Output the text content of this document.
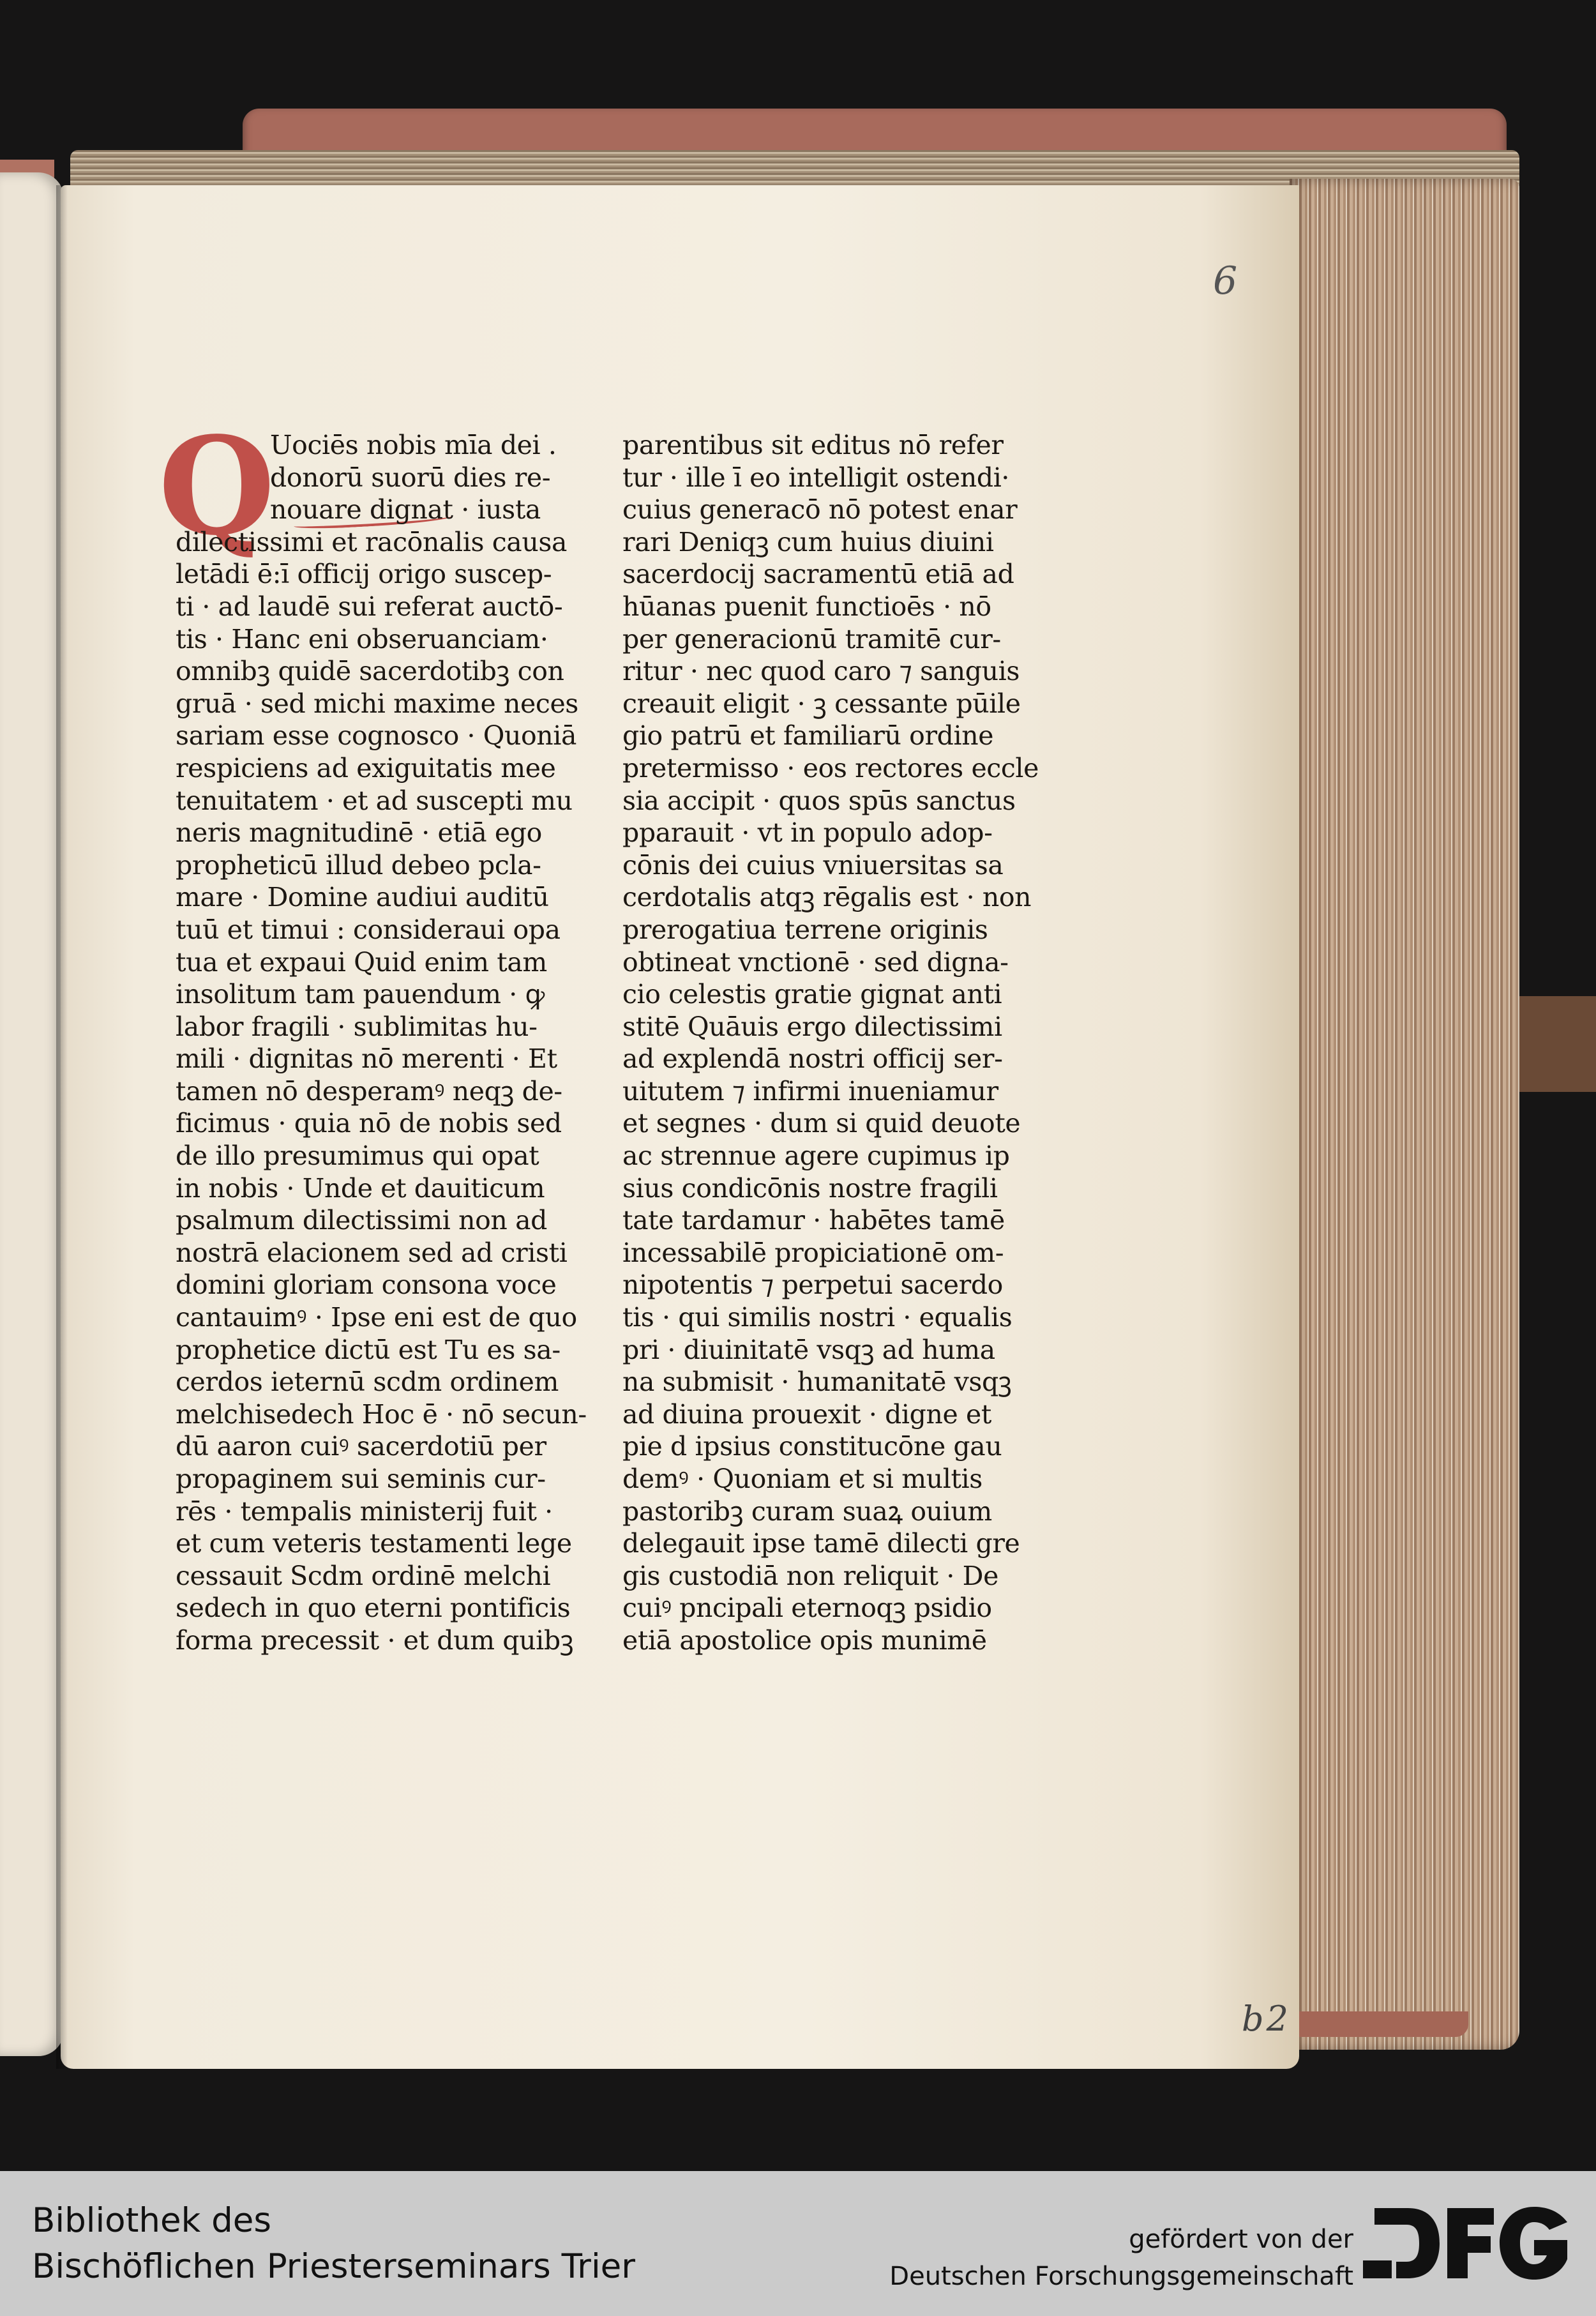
6
b2
Q
Uociēs nobis mīa dei .
donorū suorū dies re-
nouare dignat · iusta
dilectissimi et racōnalis causa
letādi ē:ī officij origo suscep-
ti · ad laudē sui referat auctō-
tis · Hanc eni obseruanciam·
omnibꝫ quidē sacerdotibꝫ con
gruā · sed michi maxime neces
sariam esse cognosco · Quoniā
respiciens ad exiguitatis mee
tenuitatem · et ad suscepti mu
neris magnitudinē · etiā ego
propheticū illud debeo pcla-
mare · Domine audiui auditū
tuū et timui : consideraui opa
tua et expaui Quid enim tam
insolitum tam pauendum · ꝙ
labor fragili · sublimitas hu-
mili · dignitas nō merenti · Et
tamen nō desperamꝰ neqꝫ de-
ficimus · quia nō de nobis sed
de illo presumimus qui opat
in nobis · Unde et dauiticum
psalmum dilectissimi non ad
nostrā elacionem sed ad cristi
domini gloriam consona voce
cantauimꝰ · Ipse eni est de quo
prophetice dictū est Tu es sa-
cerdos ieternū scdm ordinem
melchisedech Hoc ē · nō secun-
dū aaron cuiꝰ sacerdotiū per
propaginem sui seminis cur-
rēs · tempalis ministerij fuit ·
et cum veteris testamenti lege
cessauit Scdm ordinē melchi
sedech in quo eterni pontificis
forma precessit · et dum quibꝫ
parentibus sit editus nō refer
tur · ille ī eo intelligit ostendi·
cuius generacō nō potest enar
rari Deniqꝫ cum huius diuini
sacerdocij sacramentū etiā ad
hūanas puenit functioēs · nō
per generacionū tramitē cur-
ritur · nec quod caro ⁊ sanguis
creauit eligit · ꝫ cessante pūile
gio patrū et familiarū ordine
pretermisso · eos rectores eccle
sia accipit · quos spūs sanctus
pparauit · vt in populo adop-
cōnis dei cuius vniuersitas sa
cerdotalis atqꝫ rēgalis est · non
prerogatiua terrene originis
obtineat vnctionē · sed digna-
cio celestis gratie gignat anti
stitē Quāuis ergo dilectissimi
ad explendā nostri officij ser-
uitutem ⁊ infirmi inueniamur
et segnes · dum si quid deuote
ac strennue agere cupimus ip
sius condicōnis nostre fragili
tate tardamur · habētes tamē
incessabilē propiciationē om-
nipotentis ⁊ perpetui sacerdo
tis · qui similis nostri · equalis
pri · diuinitatē vsqꝫ ad huma
na submisit · humanitatē vsqꝫ
ad diuina prouexit · digne et
pie d ipsius constitucōne gau
demꝰ · Quoniam et si multis
pastoribꝫ curam suaꝝ ouium
delegauit ipse tamē dilecti gre
gis custodiā non reliquit · De
cuiꝰ pncipali eternoqꝫ psidio
etiā apostolice opis munimē
Bibliothek des
Bischöflichen Priesterseminars Trier
gefördert von der
Deutschen Forschungsgemeinschaft
